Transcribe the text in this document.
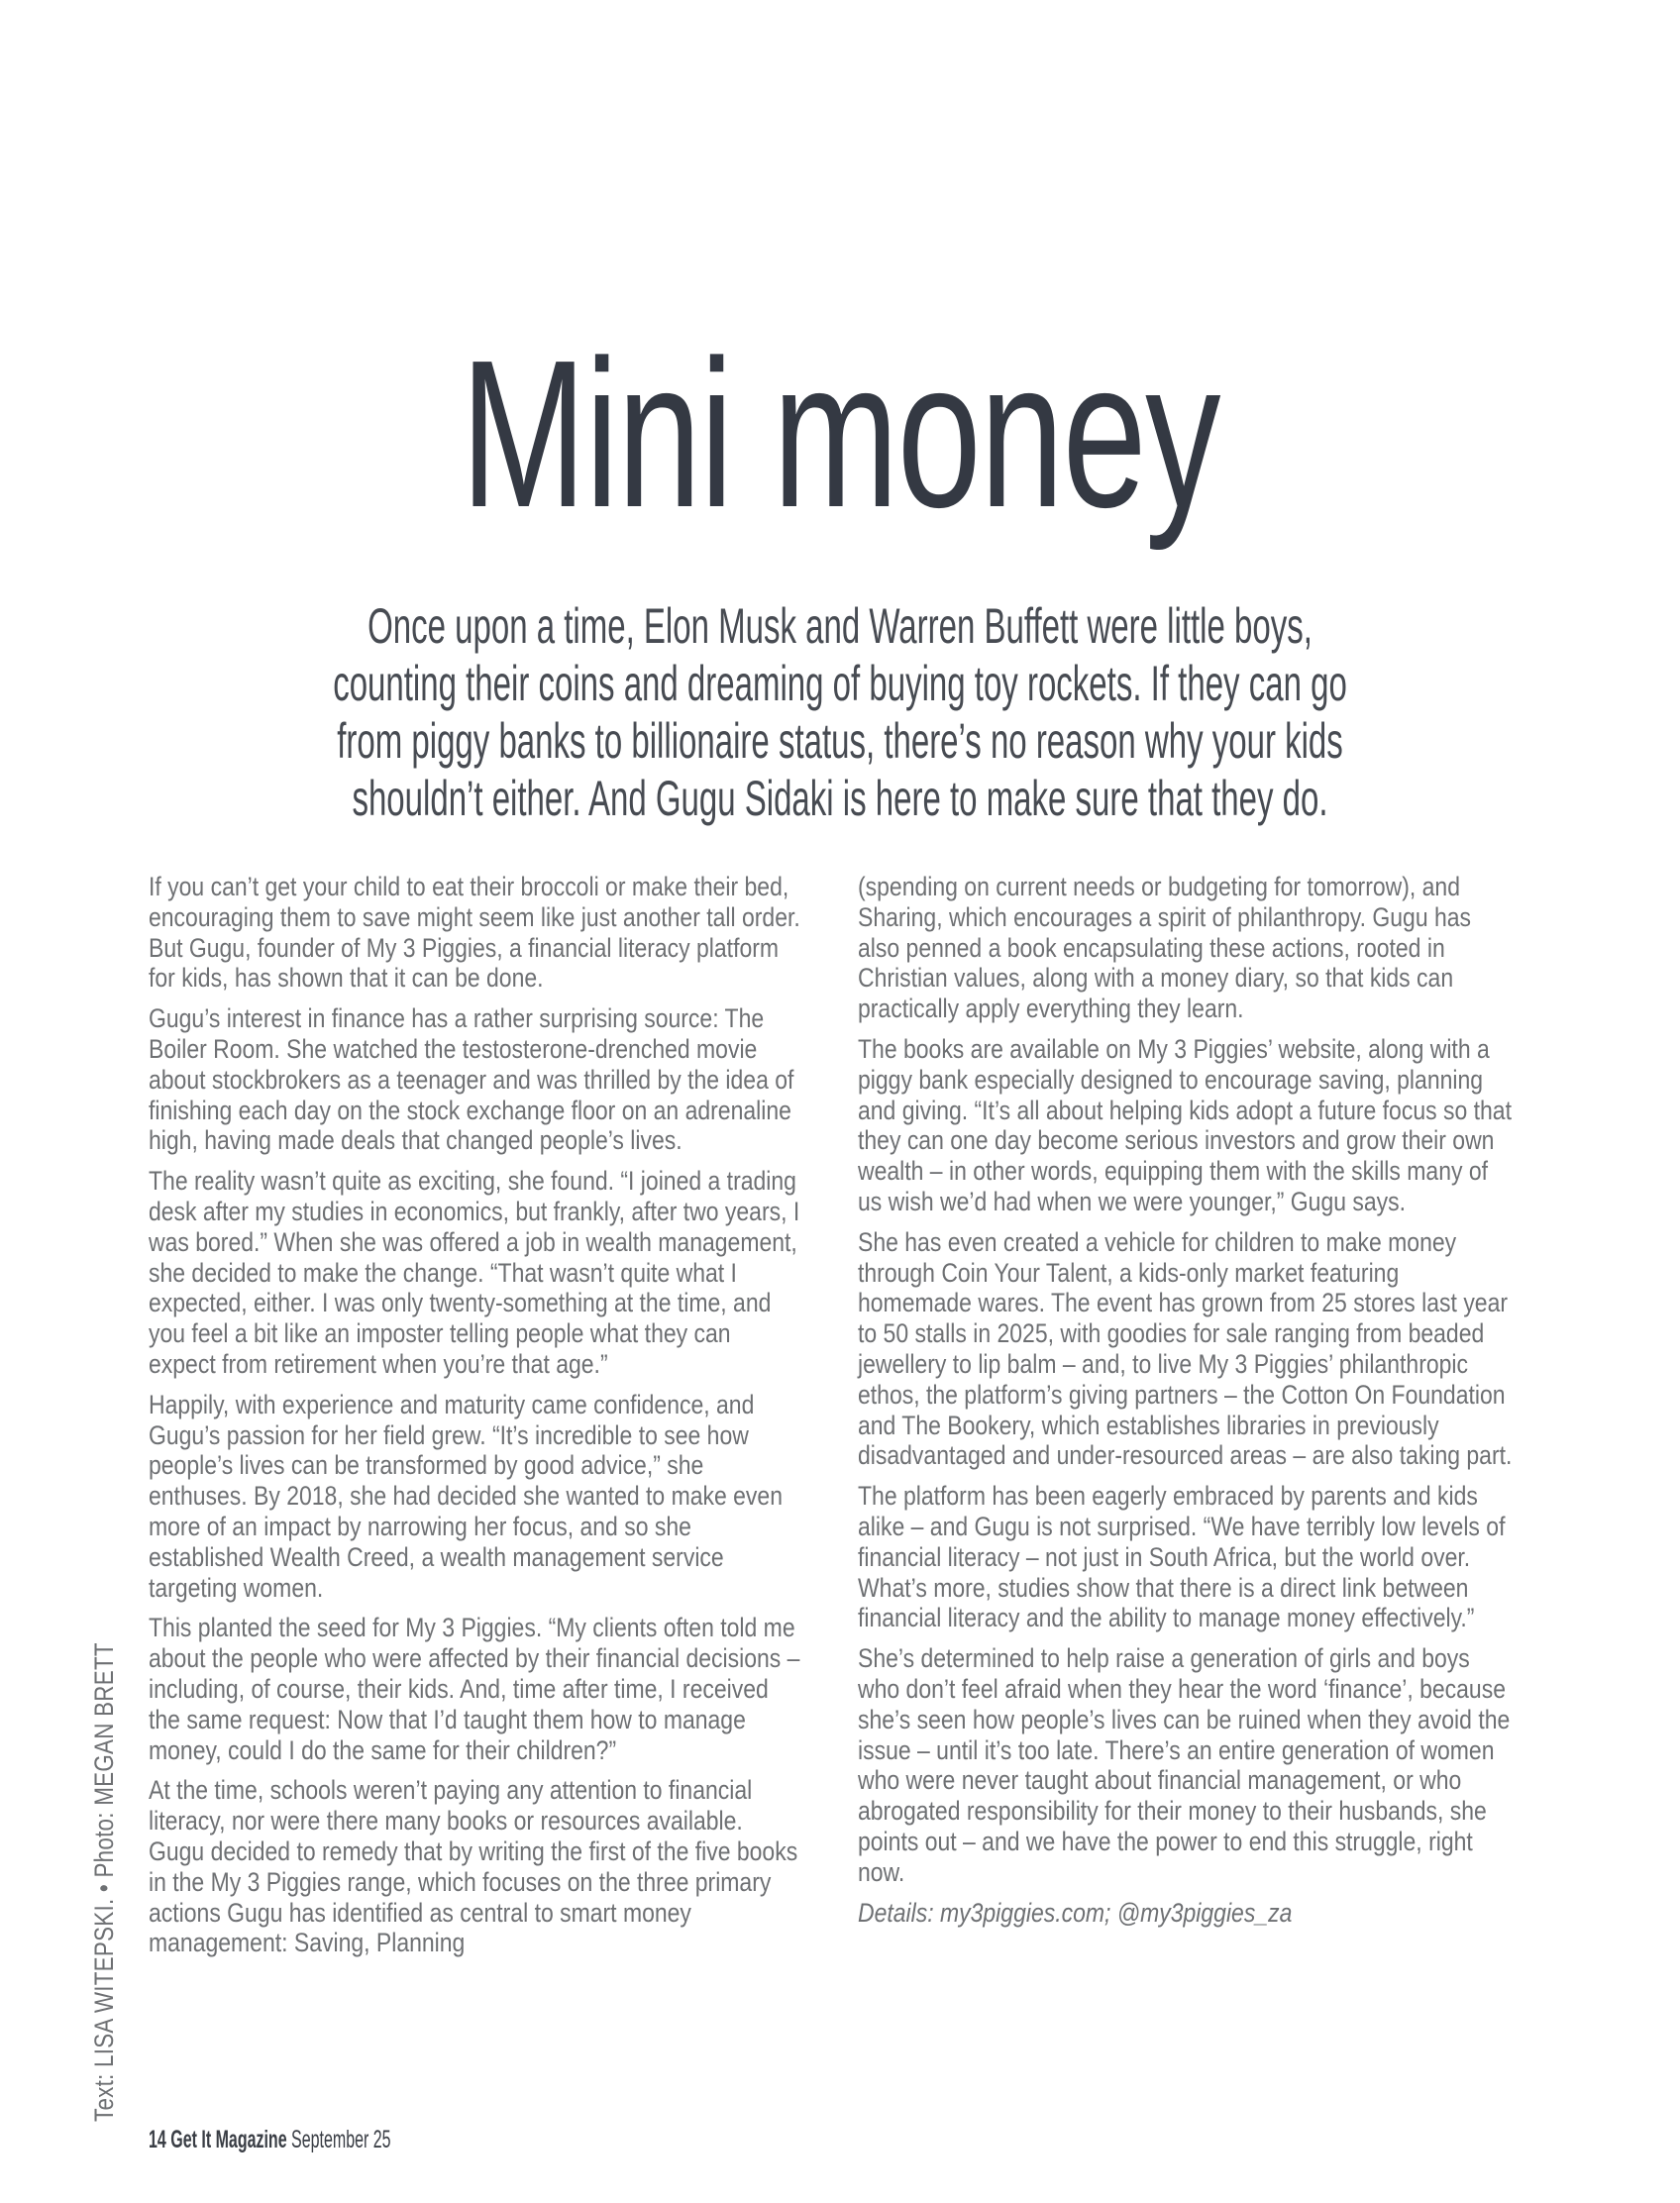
Mini money
Once upon a time, Elon Musk and Warren Buffett were little boys,
counting their coins and dreaming of buying toy rockets. If they can go
from piggy banks to billionaire status, there’s no reason why your kids
shouldn’t either. And Gugu Sidaki is here to make sure that they do.

If you can’t get your child to eat their broccoli or make their bed, encouraging them to save might seem like just another tall order. But Gugu, founder of My 3 Piggies, a financial literacy platform for kids, has shown that it can be done.

Gugu’s interest in finance has a rather surprising source: The Boiler Room. She watched the testosterone-drenched movie about stockbrokers as a teenager and was thrilled by the idea of finishing each day on the stock exchange floor on an adrenaline high, having made deals that changed people’s lives.

The reality wasn’t quite as exciting, she found. “I joined a trading desk after my studies in economics, but frankly, after two years, I was bored.” When she was offered a job in wealth management, she decided to make the change. “That wasn’t quite what I expected, either. I was only twenty-something at the time, and you feel a bit like an imposter telling people what they can expect from retirement when you’re that age.”

Happily, with experience and maturity came confidence, and Gugu’s passion for her field grew. “It’s incredible to see how people’s lives can be transformed by good advice,” she enthuses. By 2018, she had decided she wanted to make even more of an impact by narrowing her focus, and so she established Wealth Creed, a wealth management service targeting women.

This planted the seed for My 3 Piggies. “My clients often told me about the people who were affected by their financial decisions – including, of course, their kids. And, time after time, I received the same request: Now that I’d taught them how to manage money, could I do the same for their children?”

At the time, schools weren’t paying any attention to financial literacy, nor were there many books or resources available. Gugu decided to remedy that by writing the first of the five books in the My 3 Piggies range, which focuses on the three primary actions Gugu has identified as central to smart money management: Saving, Planning

(spending on current needs or budgeting for tomorrow), and Sharing, which encourages a spirit of philanthropy. Gugu has also penned a book encapsulating these actions, rooted in Christian values, along with a money diary, so that kids can practically apply everything they learn.

The books are available on My 3 Piggies’ website, along with a piggy bank especially designed to encourage saving, planning and giving. “It’s all about helping kids adopt a future focus so that they can one day become serious investors and grow their own wealth – in other words, equipping them with the skills many of us wish we’d had when we were younger,” Gugu says.

She has even created a vehicle for children to make money through Coin Your Talent, a kids-only market featuring homemade wares. The event has grown from 25 stores last year to 50 stalls in 2025, with goodies for sale ranging from beaded jewellery to lip balm – and, to live My 3 Piggies’ philanthropic ethos, the platform’s giving partners – the Cotton On Foundation and The Bookery, which establishes libraries in previously disadvantaged and under-resourced areas – are also taking part.

The platform has been eagerly embraced by parents and kids alike – and Gugu is not surprised. “We have terribly low levels of financial literacy – not just in South Africa, but the world over. What’s more, studies show that there is a direct link between financial literacy and the ability to manage money effectively.”

She’s determined to help raise a generation of girls and boys who don’t feel afraid when they hear the word ‘finance’, because she’s seen how people’s lives can be ruined when they avoid the issue – until it’s too late. There’s an entire generation of women who were never taught about financial management, or who abrogated responsibility for their money to their husbands, she points out – and we have the power to end this struggle, right now.

Details: my3piggies.com; @my3piggies_za

Text: LISA WITEPSKI. • Photo: MEGAN BRETT
14 Get It Magazine September 25
